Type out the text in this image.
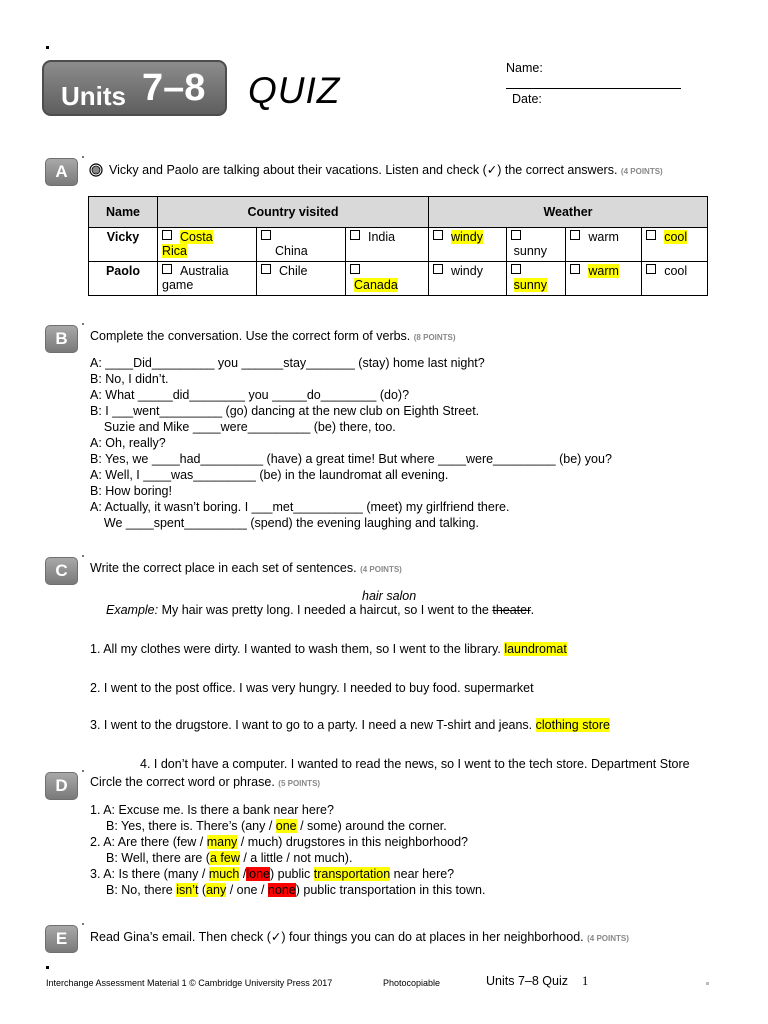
Units 7–8 QUIZ
Name:
Date:
A	Vicky and Paolo are talking about their vacations. Listen and check (✓) the correct answers. (4 POINTS)
Name	Country visited			Weather			
Vicky	Costa Rica	China	India	windy	sunny	warm	cool
Paolo	Australia game	Chile	Canada	windy	sunny	warm	cool
B	Complete the conversation. Use the correct form of verbs. (8 POINTS)
A: ____Did_________ you ______stay_______ (stay) home last night?
B: No, I didn’t.
A: What _____did________ you _____do________ (do)?
B: I ___went_________ (go) dancing at the new club on Eighth Street.
Suzie and Mike ____were_________ (be) there, too.
A: Oh, really?
B: Yes, we ____had_________ (have) a great time! But where ____were_________ (be) you?
A: Well, I ____was_________ (be) in the laundromat all evening.
B: How boring!
A: Actually, it wasn’t boring. I ___met__________ (meet) my girlfriend there.
We ____spent_________ (spend) the evening laughing and talking.
C	Write the correct place in each set of sentences. (4 POINTS)
hair salon
Example: My hair was pretty long. I needed a haircut, so I went to the theater.
1. All my clothes were dirty. I wanted to wash them, so I went to the library. laundromat
2. I went to the post office. I was very hungry. I needed to buy food. supermarket
3. I went to the drugstore. I want to go to a party. I need a new T-shirt and jeans. clothing store
4. I don’t have a computer. I wanted to read the news, so I went to the tech store. Department Store
D	Circle the correct word or phrase. (5 POINTS)
1. A: Excuse me. Is there a bank near here?
B: Yes, there is. There’s (any / one / some) around the corner.
2. A: Are there (few / many / much) drugstores in this neighborhood?
B: Well, there are (a few / a little / not much).
3. A: Is there (many / much /lone) public transportation near here?
B: No, there isn’t (any / one / none) public transportation in this town.
E	Read Gina’s email. Then check (✓) four things you can do at places in her neighborhood. (4 POINTS)
Interchange Assessment Material 1 © Cambridge University Press 2017	Photocopiable	Units 7–8 Quiz 1
